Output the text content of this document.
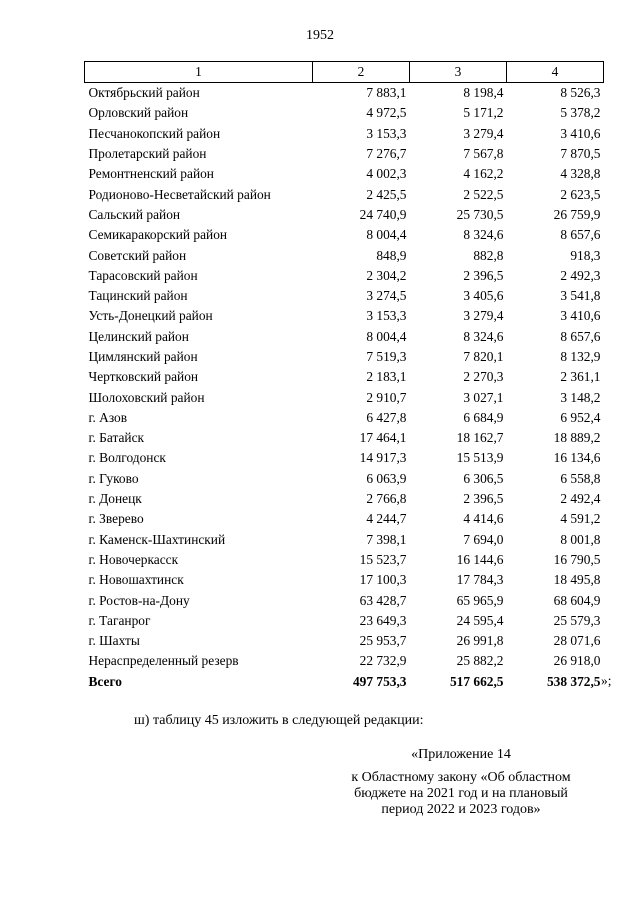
1952
1	2	3	4
Октябрьский район	7 883,1	8 198,4	8 526,3
Орловский район	4 972,5	5 171,2	5 378,2
Песчанокопский район	3 153,3	3 279,4	3 410,6
Пролетарский район	7 276,7	7 567,8	7 870,5
Ремонтненский район	4 002,3	4 162,2	4 328,8
Родионово-Несветайский район	2 425,5	2 522,5	2 623,5
Сальский район	24 740,9	25 730,5	26 759,9
Семикаракорский район	8 004,4	8 324,6	8 657,6
Советский район	848,9	882,8	918,3
Тарасовский район	2 304,2	2 396,5	2 492,3
Тацинский район	3 274,5	3 405,6	3 541,8
Усть-Донецкий район	3 153,3	3 279,4	3 410,6
Целинский район	8 004,4	8 324,6	8 657,6
Цимлянский район	7 519,3	7 820,1	8 132,9
Чертковский район	2 183,1	2 270,3	2 361,1
Шолоховский район	2 910,7	3 027,1	3 148,2
г. Азов	6 427,8	6 684,9	6 952,4
г. Батайск	17 464,1	18 162,7	18 889,2
г. Волгодонск	14 917,3	15 513,9	16 134,6
г. Гуково	6 063,9	6 306,5	6 558,8
г. Донецк	2 766,8	2 396,5	2 492,4
г. Зверево	4 244,7	4 414,6	4 591,2
г. Каменск-Шахтинский	7 398,1	7 694,0	8 001,8
г. Новочеркасск	15 523,7	16 144,6	16 790,5
г. Новошахтинск	17 100,3	17 784,3	18 495,8
г. Ростов-на-Дону	63 428,7	65 965,9	68 604,9
г. Таганрог	23 649,3	24 595,4	25 579,3
г. Шахты	25 953,7	26 991,8	28 071,6
Нераспределенный резерв	22 732,9	25 882,2	26 918,0
Всего	497 753,3	517 662,5	538 372,5 »;
ш) таблицу 45 изложить в следующей редакции:
«Приложение 14
к Областному закону «Об областном
бюджете на 2021 год и на плановый
период 2022 и 2023 годов»
